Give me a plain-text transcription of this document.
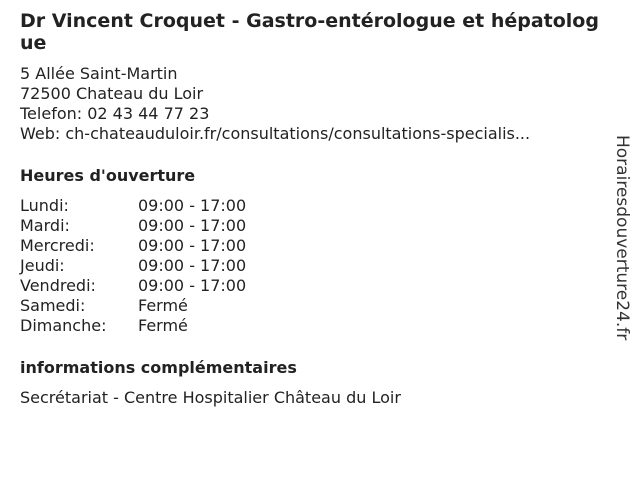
Dr Vincent Croquet - Gastro-entérologue et hépatologue
5 Allée Saint-Martin
72500 Chateau du Loir
Telefon: 02 43 44 77 23
Web: ch-chateauduloir.fr/consultations/consultations-specialis...
Heures d'ouverture
Lundi:	09:00 - 17:00
Mardi:	09:00 - 17:00
Mercredi:	09:00 - 17:00
Jeudi:	09:00 - 17:00
Vendredi:	09:00 - 17:00
Samedi:	Fermé
Dimanche:	Fermé
informations complémentaires
Secrétariat - Centre Hospitalier Château du Loir
Horairesdouverture24.fr
